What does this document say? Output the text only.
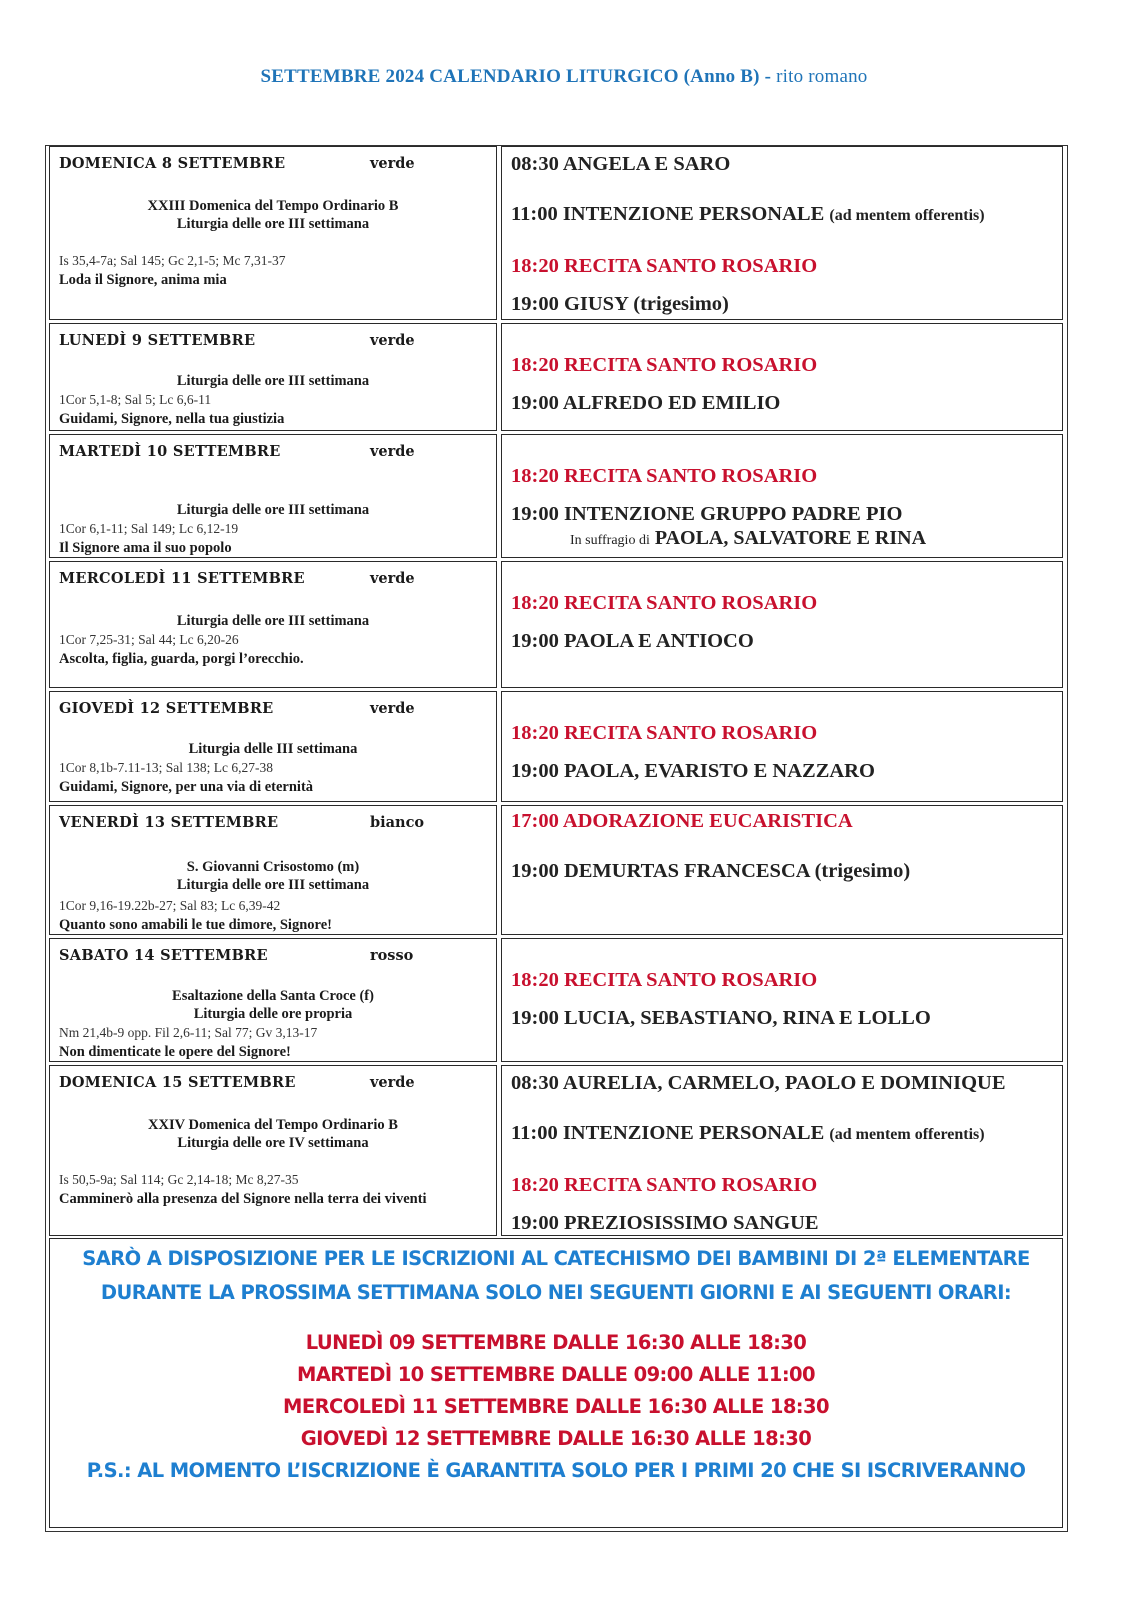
SETTEMBRE 2024 CALENDARIO LITURGICO (Anno B) - rito romano
DOMENICA 8 SETTEMBRE	verde
XXIII Domenica del Tempo Ordinario B
Liturgia delle ore III settimana
Is 35,4-7a; Sal 145; Gc 2,1-5; Mc 7,31-37
Loda il Signore, anima mia
08:30 ANGELA E SARO
11:00 INTENZIONE PERSONALE (ad mentem offerentis)
18:20 RECITA SANTO ROSARIO
19:00 GIUSY (trigesimo)
LUNEDÌ 9 SETTEMBRE	verde
Liturgia delle ore III settimana
1Cor 5,1-8; Sal 5; Lc 6,6-11
Guidami, Signore, nella tua giustizia
18:20 RECITA SANTO ROSARIO
19:00 ALFREDO ED EMILIO
MARTEDÌ 10 SETTEMBRE	verde
Liturgia delle ore III settimana
1Cor 6,1-11; Sal 149; Lc 6,12-19
Il Signore ama il suo popolo
18:20 RECITA SANTO ROSARIO
19:00 INTENZIONE GRUPPO PADRE PIO
In suffragio di PAOLA, SALVATORE E RINA
MERCOLEDÌ 11 SETTEMBRE	verde
Liturgia delle ore III settimana
1Cor 7,25-31; Sal 44; Lc 6,20-26
Ascolta, figlia, guarda, porgi l’orecchio.
18:20 RECITA SANTO ROSARIO
19:00 PAOLA E ANTIOCO
GIOVEDÌ 12 SETTEMBRE	verde
Liturgia delle III settimana
1Cor 8,1b-7.11-13; Sal 138; Lc 6,27-38
Guidami, Signore, per una via di eternità
18:20 RECITA SANTO ROSARIO
19:00 PAOLA, EVARISTO E NAZZARO
VENERDÌ 13 SETTEMBRE	bianco
S. Giovanni Crisostomo (m)
Liturgia delle ore III settimana
1Cor 9,16-19.22b-27; Sal 83; Lc 6,39-42
Quanto sono amabili le tue dimore, Signore!
17:00 ADORAZIONE EUCARISTICA
19:00 DEMURTAS FRANCESCA (trigesimo)
SABATO 14 SETTEMBRE	rosso
Esaltazione della Santa Croce (f)
Liturgia delle ore propria
Nm 21,4b-9 opp. Fil 2,6-11; Sal 77; Gv 3,13-17
Non dimenticate le opere del Signore!
18:20 RECITA SANTO ROSARIO
19:00 LUCIA, SEBASTIANO, RINA E LOLLO
DOMENICA 15 SETTEMBRE	verde
XXIV Domenica del Tempo Ordinario B
Liturgia delle ore IV settimana
Is 50,5-9a; Sal 114; Gc 2,14-18; Mc 8,27-35
Camminerò alla presenza del Signore nella terra dei viventi
08:30 AURELIA, CARMELO, PAOLO E DOMINIQUE
11:00 INTENZIONE PERSONALE (ad mentem offerentis)
18:20 RECITA SANTO ROSARIO
19:00 PREZIOSISSIMO SANGUE
SARÒ A DISPOSIZIONE PER LE ISCRIZIONI AL CATECHISMO DEI BAMBINI DI 2ª ELEMENTARE
DURANTE LA PROSSIMA SETTIMANA SOLO NEI SEGUENTI GIORNI E AI SEGUENTI ORARI:
LUNEDÌ 09 SETTEMBRE DALLE 16:30 ALLE 18:30
MARTEDÌ 10 SETTEMBRE DALLE 09:00 ALLE 11:00
MERCOLEDÌ 11 SETTEMBRE DALLE 16:30 ALLE 18:30
GIOVEDÌ 12 SETTEMBRE DALLE 16:30 ALLE 18:30
P.S.: AL MOMENTO L’ISCRIZIONE È GARANTITA SOLO PER I PRIMI 20 CHE SI ISCRIVERANNO
